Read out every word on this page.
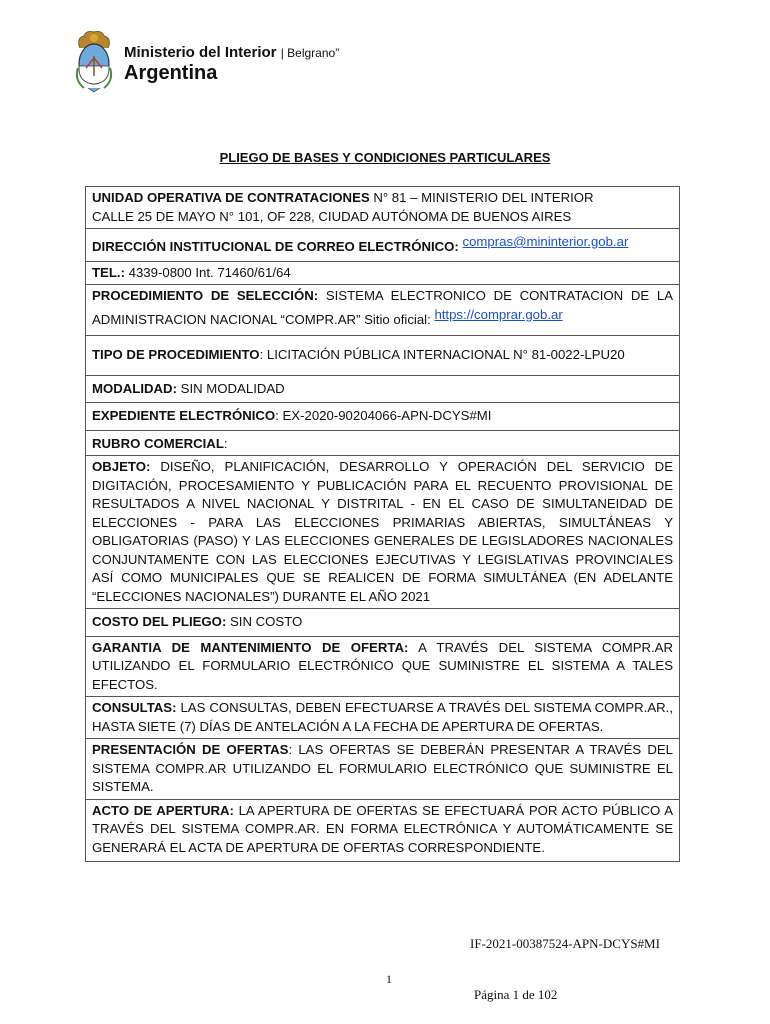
Ministerio del Interior | Belgrano”
Argentina
PLIEGO DE BASES Y CONDICIONES PARTICULARES
UNIDAD OPERATIVA DE CONTRATACIONES N° 81 – MINISTERIO DEL INTERIOR
CALLE 25 DE MAYO N° 101, OF 228, CIUDAD AUTÓNOMA DE BUENOS AIRES
DIRECCIÓN INSTITUCIONAL DE CORREO ELECTRÓNICO: compras@mininterior.gob.ar
TEL.: 4339-0800 Int. 71460/61/64
PROCEDIMIENTO DE SELECCIÓN: SISTEMA ELECTRONICO DE CONTRATACION DE LA ADMINISTRACION NACIONAL “COMPR.AR” Sitio oficial: https://comprar.gob.ar
TIPO DE PROCEDIMIENTO: LICITACIÓN PÚBLICA INTERNACIONAL N° 81-0022-LPU20
MODALIDAD: SIN MODALIDAD
EXPEDIENTE ELECTRÓNICO: EX-2020-90204066-APN-DCYS#MI
RUBRO COMERCIAL:
OBJETO: DISEÑO, PLANIFICACIÓN, DESARROLLO Y OPERACIÓN DEL SERVICIO DE DIGITACIÓN, PROCESAMIENTO Y PUBLICACIÓN PARA EL RECUENTO PROVISIONAL DE RESULTADOS A NIVEL NACIONAL Y DISTRITAL - EN EL CASO DE SIMULTANEIDAD DE ELECCIONES - PARA LAS ELECCIONES PRIMARIAS ABIERTAS, SIMULTÁNEAS Y OBLIGATORIAS (PASO) Y LAS ELECCIONES GENERALES DE LEGISLADORES NACIONALES CONJUNTAMENTE CON LAS ELECCIONES EJECUTIVAS Y LEGISLATIVAS PROVINCIALES ASÍ COMO MUNICIPALES QUE SE REALICEN DE FORMA SIMULTÁNEA (EN ADELANTE “ELECCIONES NACIONALES”) DURANTE EL AÑO 2021
COSTO DEL PLIEGO: SIN COSTO
GARANTIA DE MANTENIMIENTO DE OFERTA: A TRAVÉS DEL SISTEMA COMPR.AR UTILIZANDO EL FORMULARIO ELECTRÓNICO QUE SUMINISTRE EL SISTEMA A TALES EFECTOS.
CONSULTAS: LAS CONSULTAS, DEBEN EFECTUARSE A TRAVÉS DEL SISTEMA COMPR.AR., HASTA SIETE (7) DÍAS DE ANTELACIÓN A LA FECHA DE APERTURA DE OFERTAS.
PRESENTACIÓN DE OFERTAS: LAS OFERTAS SE DEBERÁN PRESENTAR A TRAVÉS DEL SISTEMA COMPR.AR UTILIZANDO EL FORMULARIO ELECTRÓNICO QUE SUMINISTRE EL SISTEMA.
ACTO DE APERTURA: LA APERTURA DE OFERTAS SE EFECTUARÁ POR ACTO PÚBLICO A TRAVÉS DEL SISTEMA COMPR.AR. EN FORMA ELECTRÓNICA Y AUTOMÁTICAMENTE SE GENERARÁ EL ACTA DE APERTURA DE OFERTAS CORRESPONDIENTE.
IF-2021-00387524-APN-DCYS#MI
1
Página 1 de 102
